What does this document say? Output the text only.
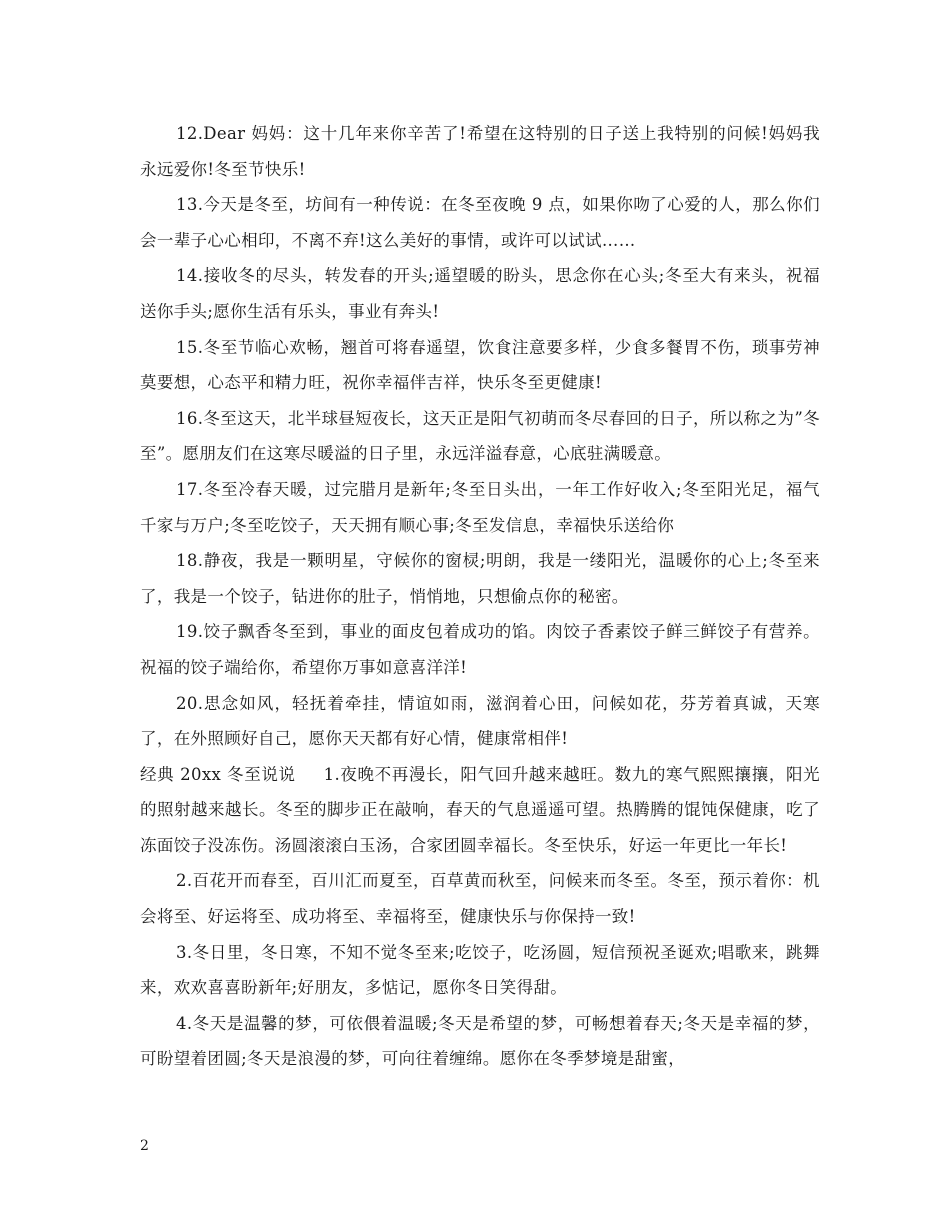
12.Dear 妈妈：这十几年来你辛苦了!希望在这特别的日子送上我特别的问候!妈妈我永远爱你!冬至节快乐!

13.今天是冬至，坊间有一种传说：在冬至夜晚 9 点，如果你吻了心爱的人，那么你们会一辈子心心相印，不离不弃!这么美好的事情，或许可以试试……

14.接收冬的尽头，转发春的开头;遥望暖的盼头，思念你在心头;冬至大有来头，祝福送你手头;愿你生活有乐头，事业有奔头!

15.冬至节临心欢畅，翘首可将春遥望，饮食注意要多样，少食多餐胃不伤，琐事劳神莫要想，心态平和精力旺，祝你幸福伴吉祥，快乐冬至更健康!

16.冬至这天，北半球昼短夜长，这天正是阳气初萌而冬尽春回的日子，所以称之为”冬至”。愿朋友们在这寒尽暖溢的日子里，永远洋溢春意，心底驻满暖意。

17.冬至冷春天暖，过完腊月是新年;冬至日头出，一年工作好收入;冬至阳光足，福气千家与万户;冬至吃饺子，天天拥有顺心事;冬至发信息，幸福快乐送给你

18.静夜，我是一颗明星，守候你的窗棂;明朗，我是一缕阳光，温暖你的心上;冬至来了，我是一个饺子，钻进你的肚子，悄悄地，只想偷点你的秘密。

19.饺子飘香冬至到，事业的面皮包着成功的馅。肉饺子香素饺子鲜三鲜饺子有营养。祝福的饺子端给你，希望你万事如意喜洋洋!

20.思念如风，轻抚着牵挂，情谊如雨，滋润着心田，问候如花，芬芳着真诚，天寒了，在外照顾好自己，愿你天天都有好心情，健康常相伴!

经典 20xx 冬至说说 1.夜晚不再漫长，阳气回升越来越旺。数九的寒气熙熙攘攘，阳光的照射越来越长。冬至的脚步正在敲响，春天的气息遥遥可望。热腾腾的馄饨保健康，吃了冻面饺子没冻伤。汤圆滚滚白玉汤，合家团圆幸福长。冬至快乐，好运一年更比一年长!

2.百花开而春至，百川汇而夏至，百草黄而秋至，问候来而冬至。冬至，预示着你：机会将至、好运将至、成功将至、幸福将至，健康快乐与你保持一致!

3.冬日里，冬日寒，不知不觉冬至来;吃饺子，吃汤圆，短信预祝圣诞欢;唱歌来，跳舞来，欢欢喜喜盼新年;好朋友，多惦记，愿你冬日笑得甜。

4.冬天是温馨的梦，可依偎着温暖;冬天是希望的梦，可畅想着春天;冬天是幸福的梦，可盼望着团圆;冬天是浪漫的梦，可向往着缠绵。愿你在冬季梦境是甜蜜，

2
